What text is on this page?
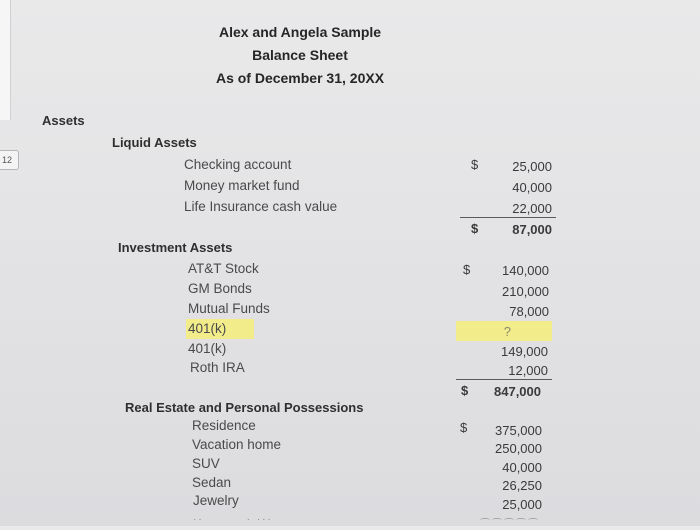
12
Alex and Angela Sample
Balance Sheet
As of December 31, 20XX
Assets
Liquid Assets
Checking account	$	25,000
Money market fund	40,000
Life Insurance cash value	22,000
$	87,000
Investment Assets
AT&T Stock	$	140,000
GM Bonds	210,000
Mutual Funds	78,000
401(k)	?
401(k)	149,000
Roth IRA	12,000
$	847,000
Real Estate and Personal Possessions
Residence	$	375,000
Vacation home	250,000
SUV	40,000
Sedan	26,250
Jewelry	25,000
··         · ···	⌒⌒⌒⌒⌒
